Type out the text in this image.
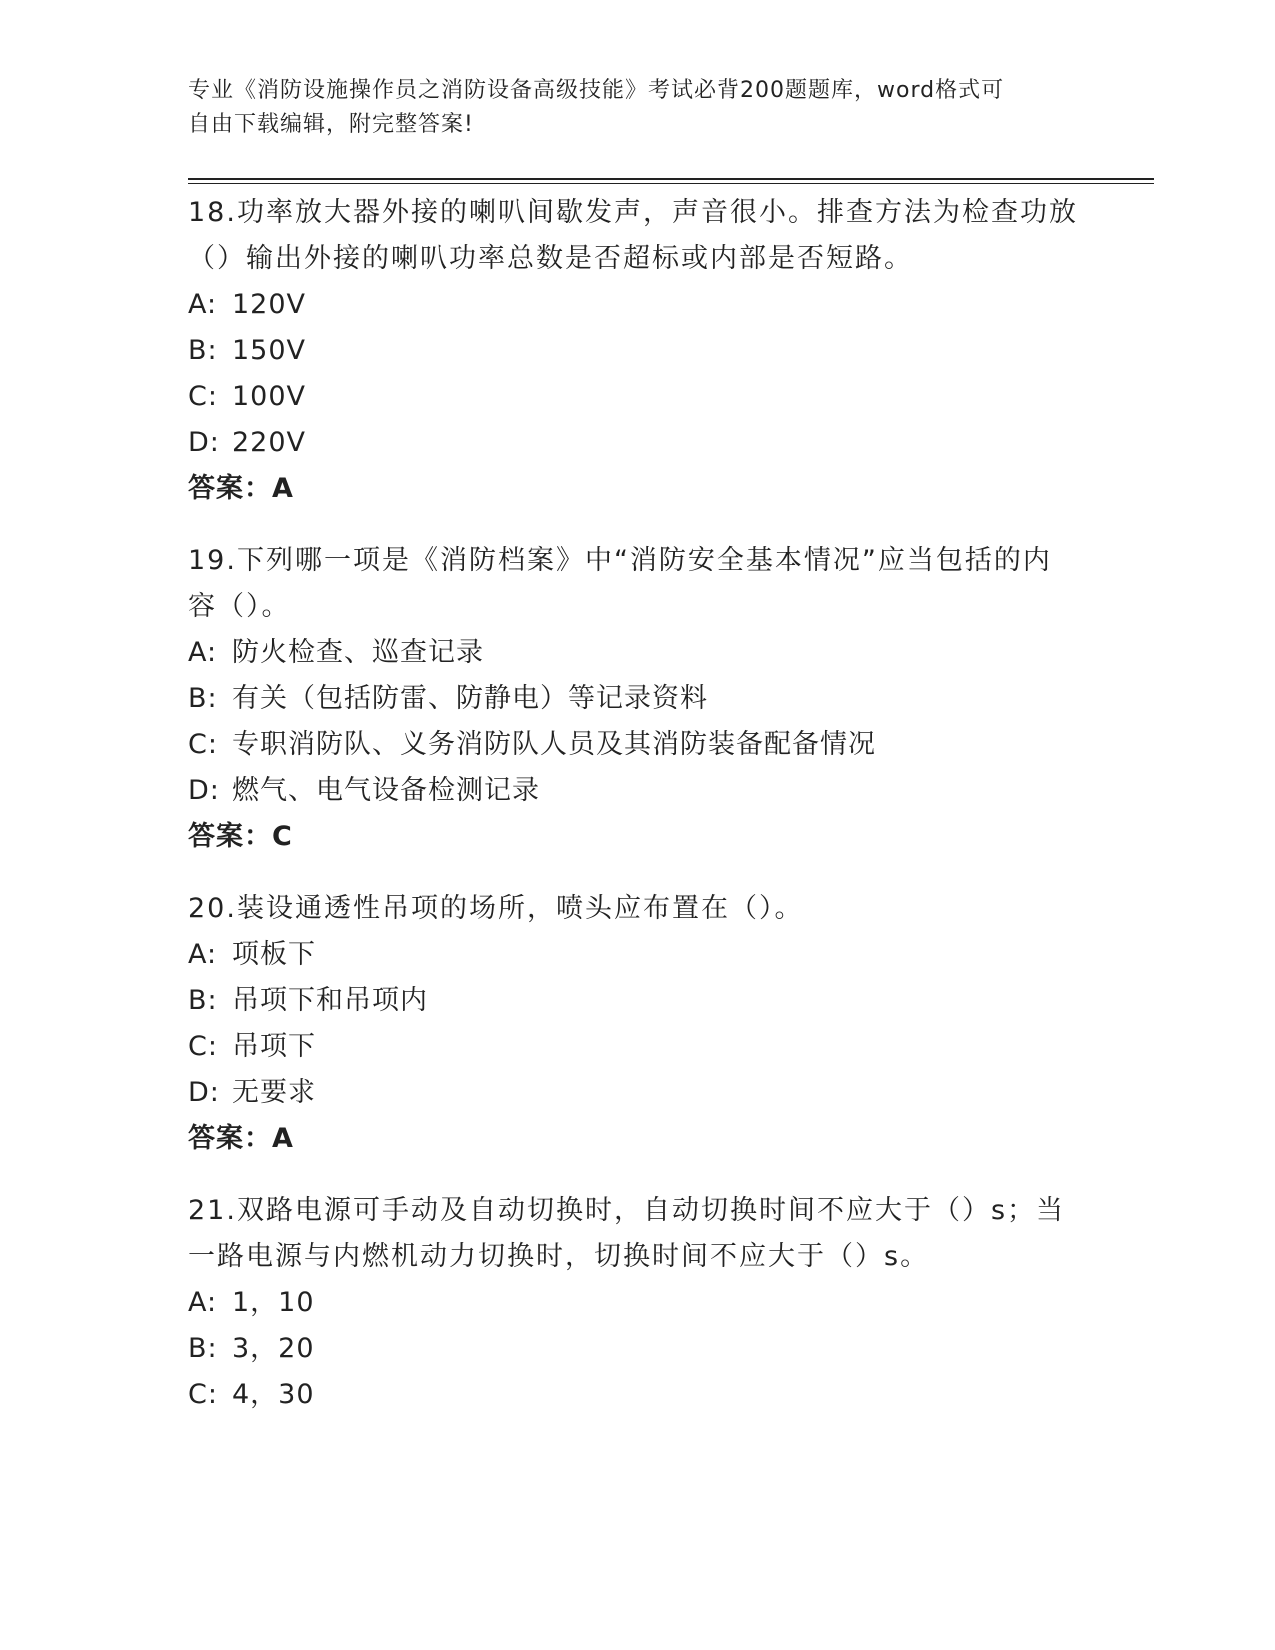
专业《消防设施操作员之消防设备高级技能》考试必背200题题库，word格式可
自由下载编辑，附完整答案!
18.功率放大器外接的喇叭间歇发声，声音很小。排查方法为检查功放
（）输出外接的喇叭功率总数是否超标或内部是否短路。
A: 120V
B: 150V
C: 100V
D: 220V
答案：A
19.下列哪一项是《消防档案》中“消防安全基本情况”应当包括的内
容（）。
A: 防火检查、巡查记录
B: 有关（包括防雷、防静电）等记录资料
C: 专职消防队、义务消防队人员及其消防装备配备情况
D: 燃气、电气设备检测记录
答案：C
20.装设通透性吊项的场所，喷头应布置在（）。
A: 项板下
B: 吊项下和吊项内
C: 吊项下
D: 无要求
答案：A
21.双路电源可手动及自动切换时，自动切换时间不应大于（）s；当
一路电源与内燃机动力切换时，切换时间不应大于（）s。
A: 1，10
B: 3，20
C: 4，30
